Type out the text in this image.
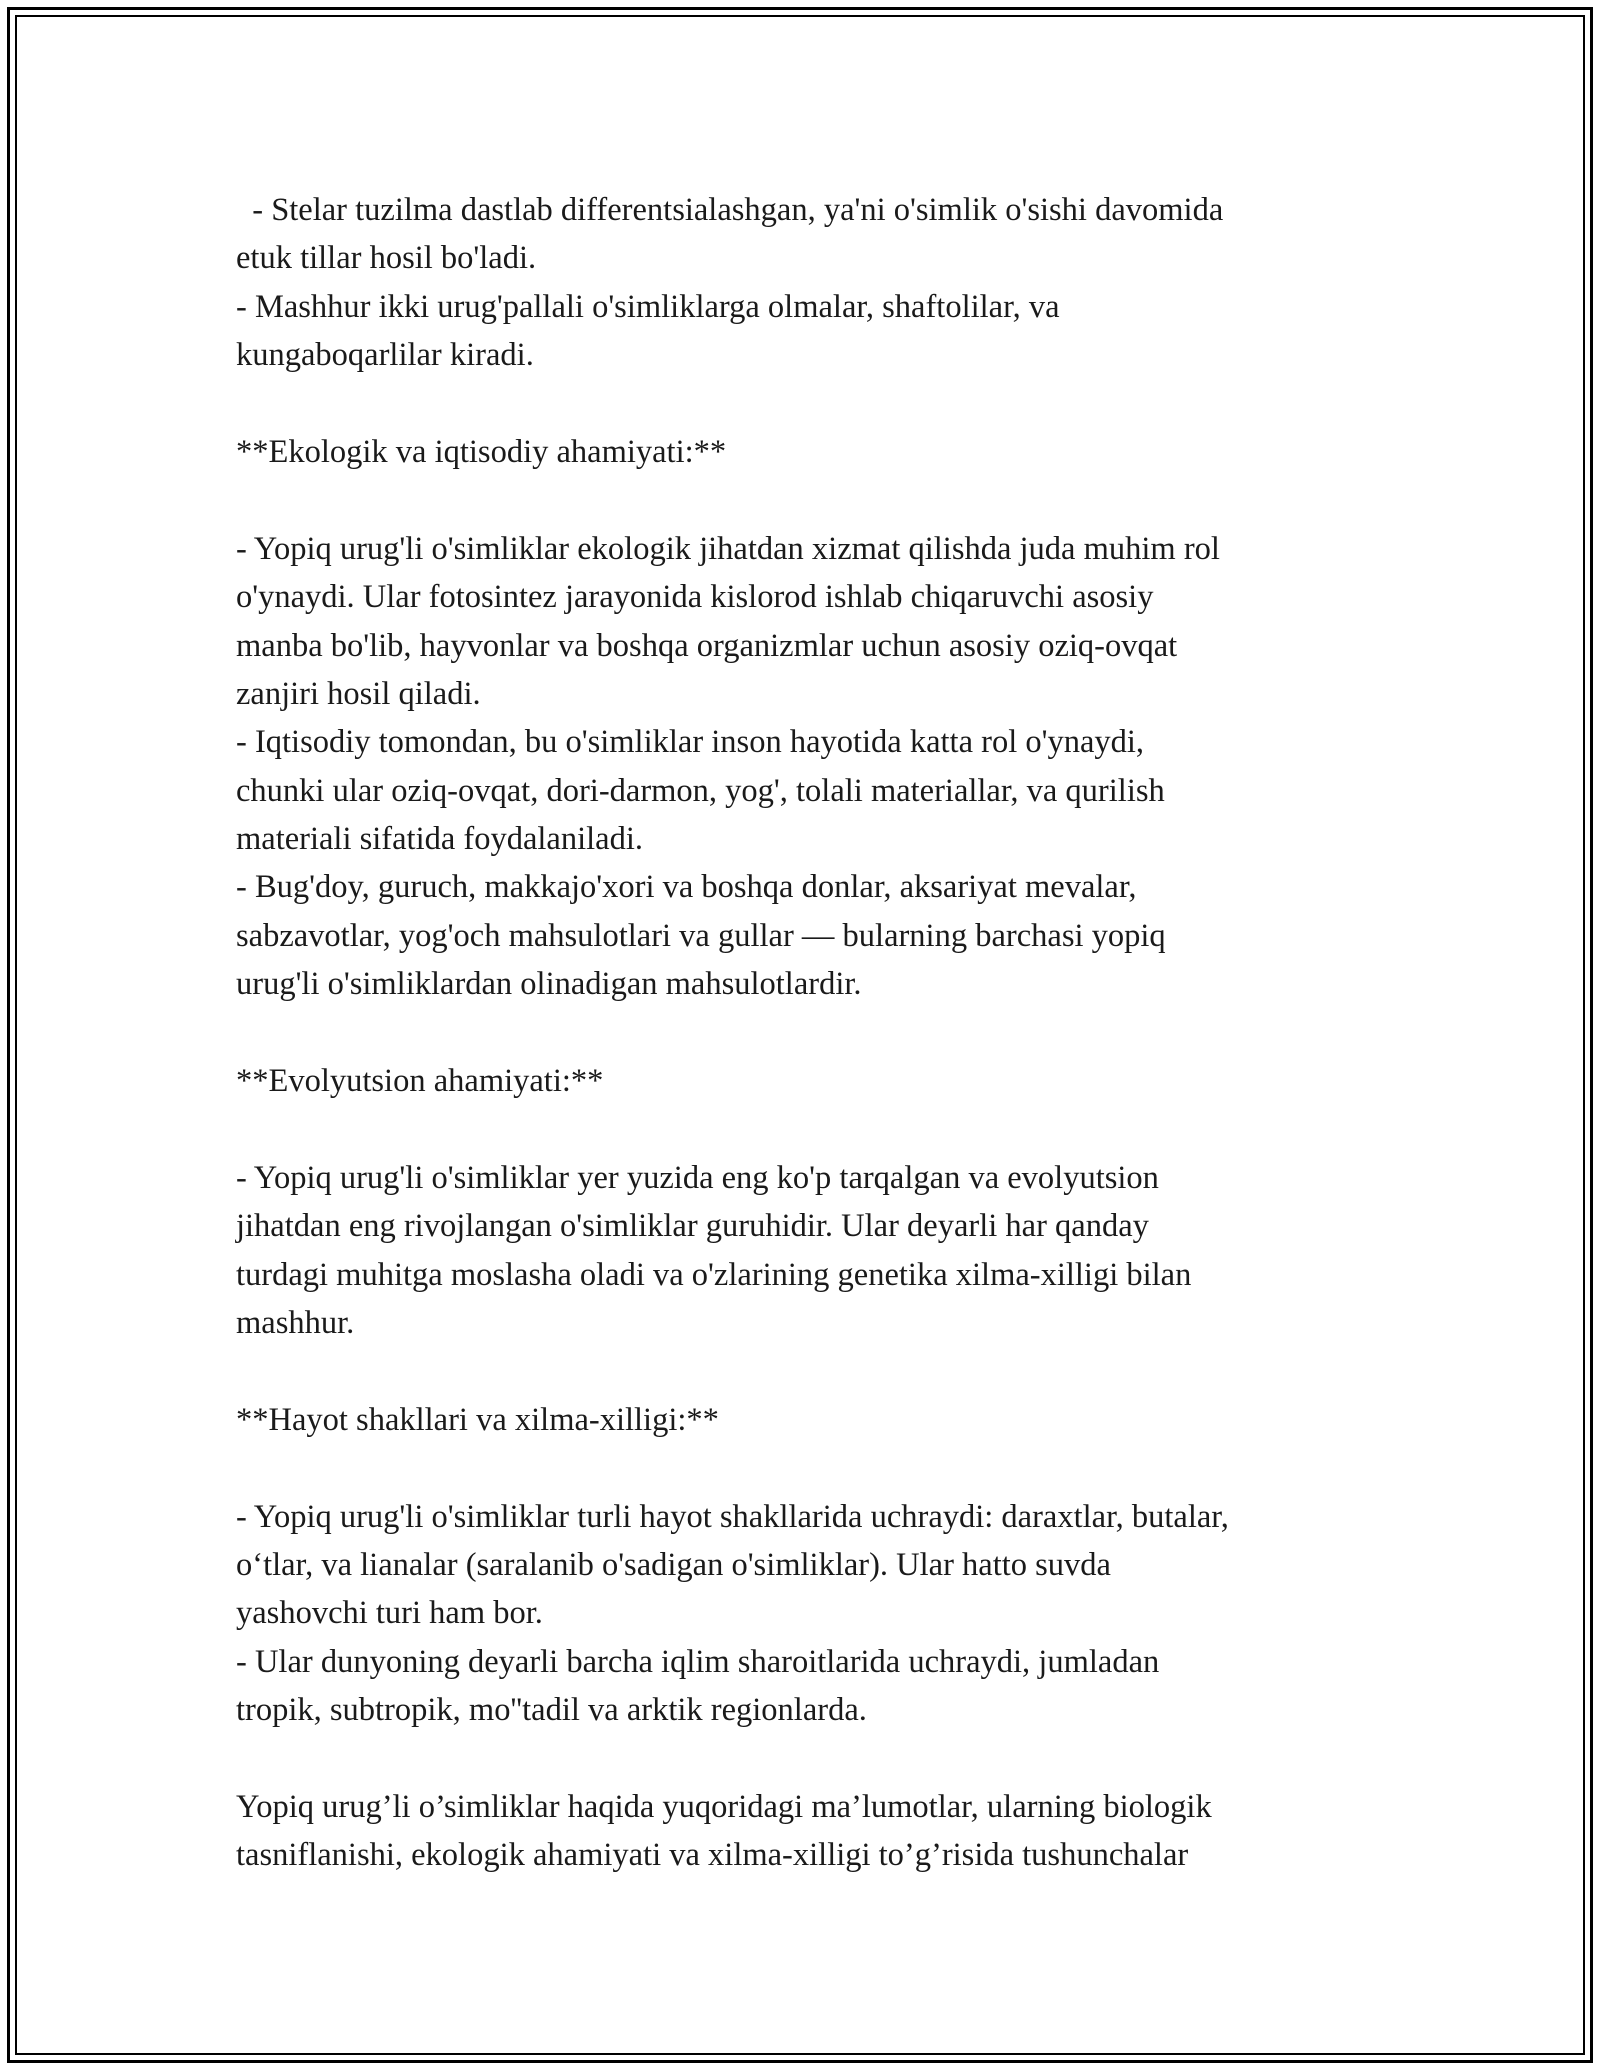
- Stelar tuzilma dastlab differentsialashgan, ya'ni o'simlik o'sishi davomida
etuk tillar hosil bo'ladi.
- Mashhur ikki urug'pallali o'simliklarga olmalar, shaftolilar, va
kungaboqarlilar kiradi.
**Ekologik va iqtisodiy ahamiyati:**
- Yopiq urug'li o'simliklar ekologik jihatdan xizmat qilishda juda muhim rol
o'ynaydi. Ular fotosintez jarayonida kislorod ishlab chiqaruvchi asosiy
manba bo'lib, hayvonlar va boshqa organizmlar uchun asosiy oziq-ovqat
zanjiri hosil qiladi.
- Iqtisodiy tomondan, bu o'simliklar inson hayotida katta rol o'ynaydi,
chunki ular oziq-ovqat, dori-darmon, yog', tolali materiallar, va qurilish
materiali sifatida foydalaniladi.
- Bug'doy, guruch, makkajo'xori va boshqa donlar, aksariyat mevalar,
sabzavotlar, yog'och mahsulotlari va gullar — bularning barchasi yopiq
urug'li o'simliklardan olinadigan mahsulotlardir.
**Evolyutsion ahamiyati:**
- Yopiq urug'li o'simliklar yer yuzida eng ko'p tarqalgan va evolyutsion
jihatdan eng rivojlangan o'simliklar guruhidir. Ular deyarli har qanday
turdagi muhitga moslasha oladi va o'zlarining genetika xilma-xilligi bilan
mashhur.
**Hayot shakllari va xilma-xilligi:**
- Yopiq urug'li o'simliklar turli hayot shakllarida uchraydi: daraxtlar, butalar,
o‘tlar, va lianalar (saralanib o'sadigan o'simliklar). Ular hatto suvda
yashovchi turi ham bor.
- Ular dunyoning deyarli barcha iqlim sharoitlarida uchraydi, jumladan
tropik, subtropik, mo''tadil va arktik regionlarda.
Yopiq urug’li o’simliklar haqida yuqoridagi ma’lumotlar, ularning biologik
tasniflanishi, ekologik ahamiyati va xilma-xilligi to’g’risida tushunchalar
